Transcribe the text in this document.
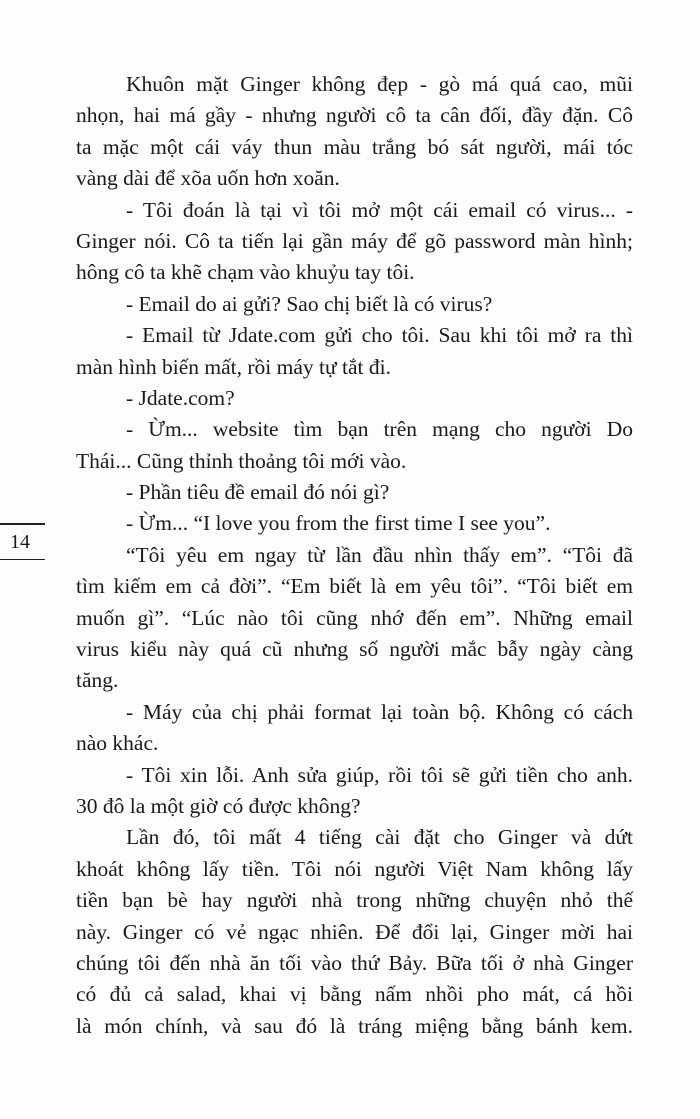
Khuôn mặt Ginger không đẹp - gò má quá cao, mũi
nhọn, hai má gầy - nhưng người cô ta cân đối, đầy đặn. Cô
ta mặc một cái váy thun màu trắng bó sát người, mái tóc
vàng dài để xõa uốn hơn xoăn.
- Tôi đoán là tại vì tôi mở một cái email có virus... -
Ginger nói. Cô ta tiến lại gần máy để gõ password màn hình;
hông cô ta khẽ chạm vào khuỷu tay tôi.
- Email do ai gửi? Sao chị biết là có virus?
- Email từ Jdate.com gửi cho tôi. Sau khi tôi mở ra thì
màn hình biến mất, rồi máy tự tắt đi.
- Jdate.com?
- Ừm... website tìm bạn trên mạng cho người Do
Thái... Cũng thỉnh thoảng tôi mới vào.
- Phần tiêu đề email đó nói gì?
- Ừm... “I love you from the first time I see you”.
“Tôi yêu em ngay từ lần đầu nhìn thấy em”. “Tôi đã
tìm kiếm em cả đời”. “Em biết là em yêu tôi”. “Tôi biết em
muốn gì”. “Lúc nào tôi cũng nhớ đến em”. Những email
virus kiểu này quá cũ nhưng số người mắc bẫy ngày càng
tăng.
- Máy của chị phải format lại toàn bộ. Không có cách
nào khác.
- Tôi xin lỗi. Anh sửa giúp, rồi tôi sẽ gửi tiền cho anh.
30 đô la một giờ có được không?
Lần đó, tôi mất 4 tiếng cài đặt cho Ginger và dứt
khoát không lấy tiền. Tôi nói người Việt Nam không lấy
tiền bạn bè hay người nhà trong những chuyện nhỏ thế
này. Ginger có vẻ ngạc nhiên. Để đổi lại, Ginger mời hai
chúng tôi đến nhà ăn tối vào thứ Bảy. Bữa tối ở nhà Ginger
có đủ cả salad, khai vị bằng nấm nhồi pho mát, cá hồi
là món chính, và sau đó là tráng miệng bằng bánh kem.
14
